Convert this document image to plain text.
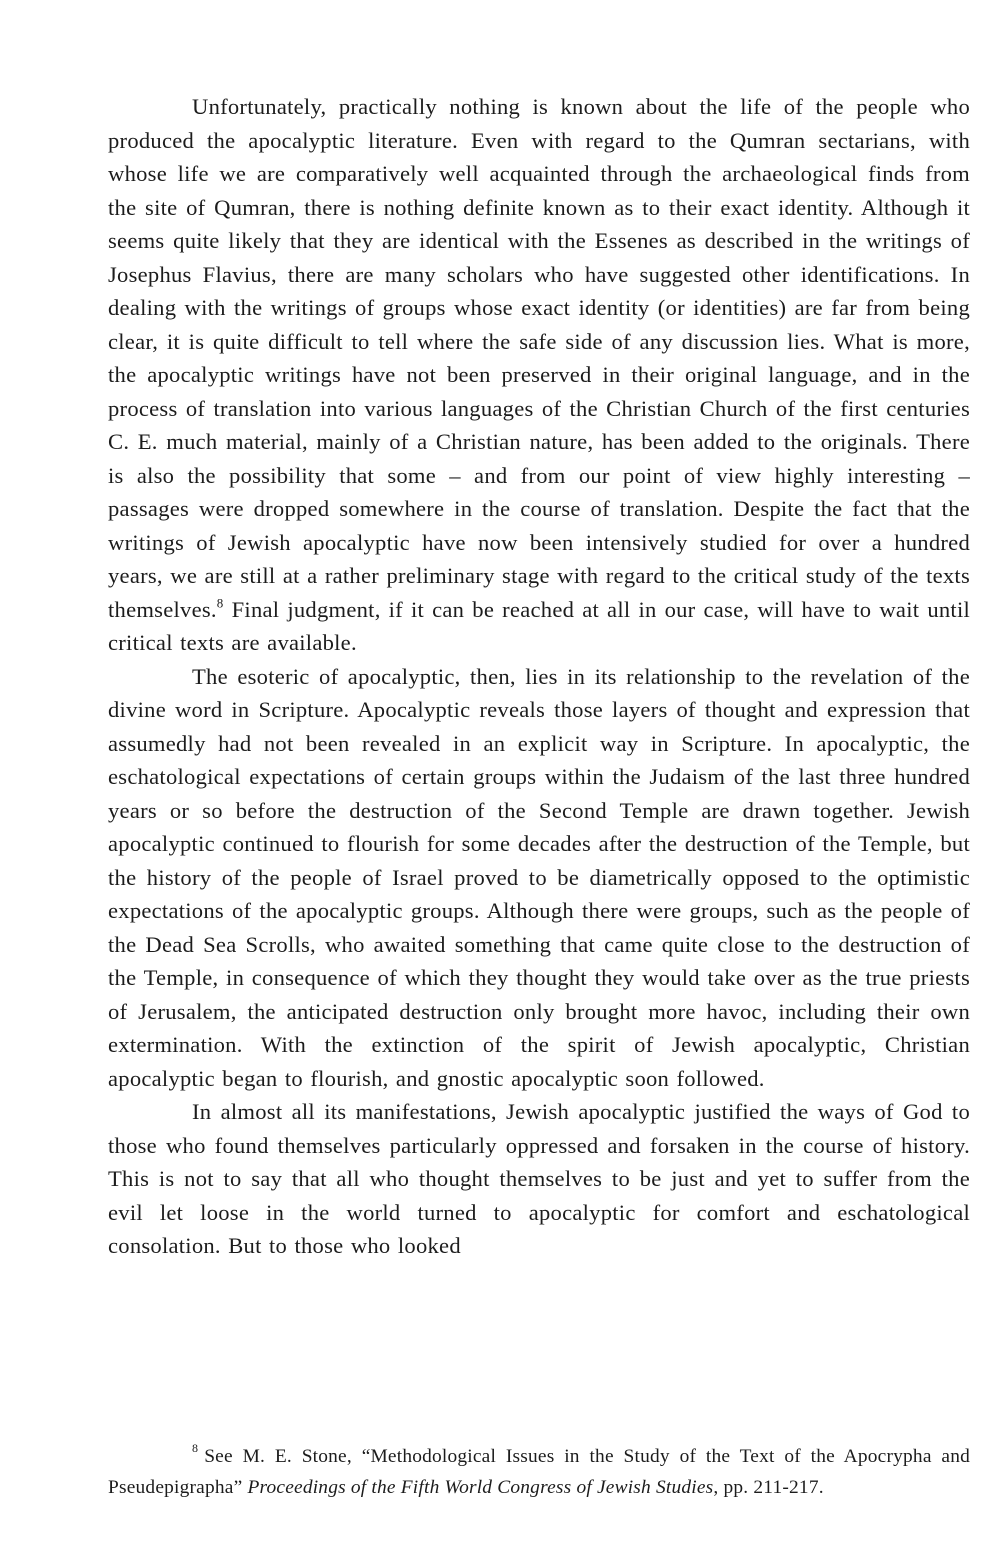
Unfortunately, practically nothing is known about the life of the people who produced the apocalyptic literature. Even with regard to the Qumran sectarians, with whose life we are comparatively well acquainted through the archaeological finds from the site of Qumran, there is nothing definite known as to their exact identity. Although it seems quite likely that they are identical with the Essenes as described in the writings of Josephus Flavius, there are many scholars who have suggested other identifications. In dealing with the writings of groups whose exact identity (or identities) are far from being clear, it is quite difficult to tell where the safe side of any discussion lies. What is more, the apocalyptic writings have not been preserved in their original language, and in the process of translation into various languages of the Christian Church of the first centuries C. E. much material, mainly of a Christian nature, has been added to the originals. There is also the possibility that some – and from our point of view highly interesting – passages were dropped somewhere in the course of translation. Despite the fact that the writings of Jewish apocalyptic have now been intensively studied for over a hundred years, we are still at a rather preliminary stage with regard to the critical study of the texts themselves.$^8$ Final judgment, if it can be reached at all in our case, will have to wait until critical texts are available.

The esoteric of apocalyptic, then, lies in its relationship to the revelation of the divine word in Scripture. Apocalyptic reveals those layers of thought and expression that assumedly had not been revealed in an explicit way in Scripture. In apocalyptic, the eschatological expectations of certain groups within the Judaism of the last three hundred years or so before the destruction of the Second Temple are drawn together. Jewish apocalyptic continued to flourish for some decades after the destruction of the Temple, but the history of the people of Israel proved to be diametrically opposed to the optimistic expectations of the apocalyptic groups. Although there were groups, such as the people of the Dead Sea Scrolls, who awaited something that came quite close to the destruction of the Temple, in consequence of which they thought they would take over as the true priests of Jerusalem, the anticipated destruction only brought more havoc, including their own extermination. With the extinction of the spirit of Jewish apocalyptic, Christian apocalyptic began to flourish, and gnostic apocalyptic soon followed.

In almost all its manifestations, Jewish apocalyptic justified the ways of God to those who found themselves particularly oppressed and forsaken in the course of history. This is not to say that all who thought themselves to be just and yet to suffer from the evil let loose in the world turned to apocalyptic for comfort and eschatological consolation. But to those who looked

8 See M. E. Stone, “Methodological Issues in the Study of the Text of the Apocrypha and Pseudepigrapha” Proceedings of the Fifth World Congress of Jewish Studies, pp. 211-217.
